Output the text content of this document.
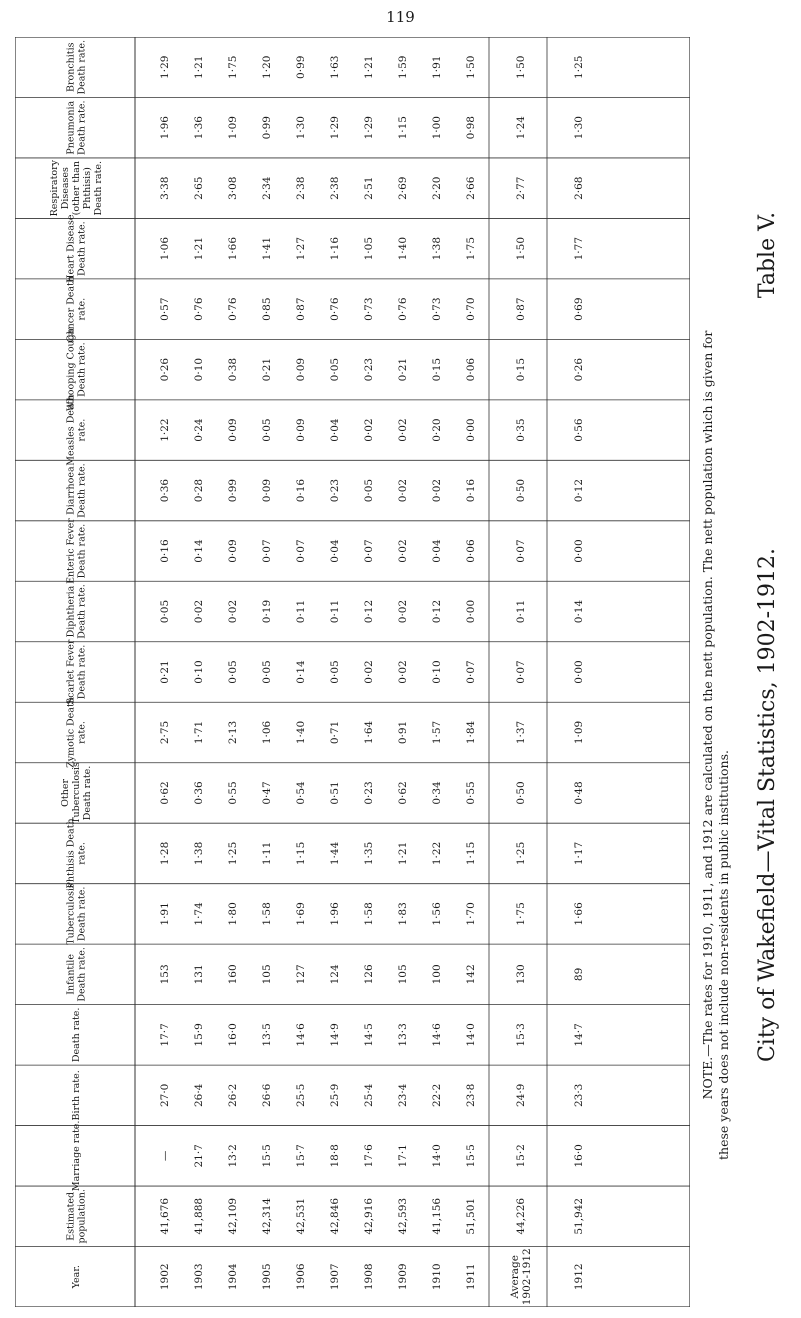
119
Table V.
City of Wakefield—Vital Statistics, 1902-1912.
NOTE.—The rates for 1910, 1911, and 1912 are calculated on the nett population. The nett population which is given for these years does not include non-residents in public institutions.
Year.
Estimatedpopulation.
Marriage rate.
Birth rate.
Death rate.
InfantileDeath rate.
TuberculosisDeath rate.
Phthisis Deathrate.
OtherTuberculosisDeath rate.
Zymotic Deathrate.
Scarlet FeverDeath rate.
DiphtheriaDeath rate.
Enteric FeverDeath rate.
DiarrhoeaDeath rate.
Measles Deathrate.
Whooping CoughDeath rate.
Cancer Deathrate.
Heart DiseaseDeath rate.
RespiratoryDiseases(other thanPhthisis)Death rate.
PneumoniaDeath rate.
BronchitisDeath rate.
1902
41,676
—
27·0
17·7
153
1·91
1·28
0·62
2·75
0·21
0·05
0·16
0·36
1·22
0·26
0·57
1·06
3·38
1·96
1·29
1903
41,888
21·7
26·4
15·9
131
1·74
1·38
0·36
1·71
0·10
0·02
0·14
0·28
0·24
0·10
0·76
1·21
2·65
1·36
1·21
1904
42,109
13·2
26·2
16·0
160
1·80
1·25
0·55
2·13
0·05
0·02
0·09
0·99
0·09
0·38
0·76
1·66
3·08
1·09
1·75
1905
42,314
15·5
26·6
13·5
105
1·58
1·11
0·47
1·06
0·05
0·19
0·07
0·09
0·05
0·21
0·85
1·41
2·34
0·99
1·20
1906
42,531
15·7
25·5
14·6
127
1·69
1·15
0·54
1·40
0·14
0·11
0·07
0·16
0·09
0·09
0·87
1·27
2·38
1·30
0·99
1907
42,846
18·8
25·9
14·9
124
1·96
1·44
0·51
0·71
0·05
0·11
0·04
0·23
0·04
0·05
0·76
1·16
2·38
1·29
1·63
1908
42,916
17·6
25·4
14·5
126
1·58
1·35
0·23
1·64
0·02
0·12
0·07
0·05
0·02
0·23
0·73
1·05
2·51
1·29
1·21
1909
42,593
17·1
23·4
13·3
105
1·83
1·21
0·62
0·91
0·02
0·02
0·02
0·02
0·02
0·21
0·76
1·40
2·69
1·15
1·59
1910
41,156
14·0
22·2
14·6
100
1·56
1·22
0·34
1·57
0·10
0·12
0·04
0·02
0·20
0·15
0·73
1·38
2·20
1·00
1·91
1911
51,501
15·5
23·8
14·0
142
1·70
1·15
0·55
1·84
0·07
0·00
0·06
0·16
0·00
0·06
0·70
1·75
2·66
0·98
1·50
Average1902-1912
44,226
15·2
24·9
15·3
130
1·75
1·25
0·50
1·37
0·07
0·11
0·07
0·50
0·35
0·15
0·87
1·50
2·77
1·24
1·50
1912
51,942
16·0
23·3
14·7
89
1·66
1·17
0·48
1·09
0·00
0·14
0·00
0·12
0·56
0·26
0·69
1·77
2·68
1·30
1·25
